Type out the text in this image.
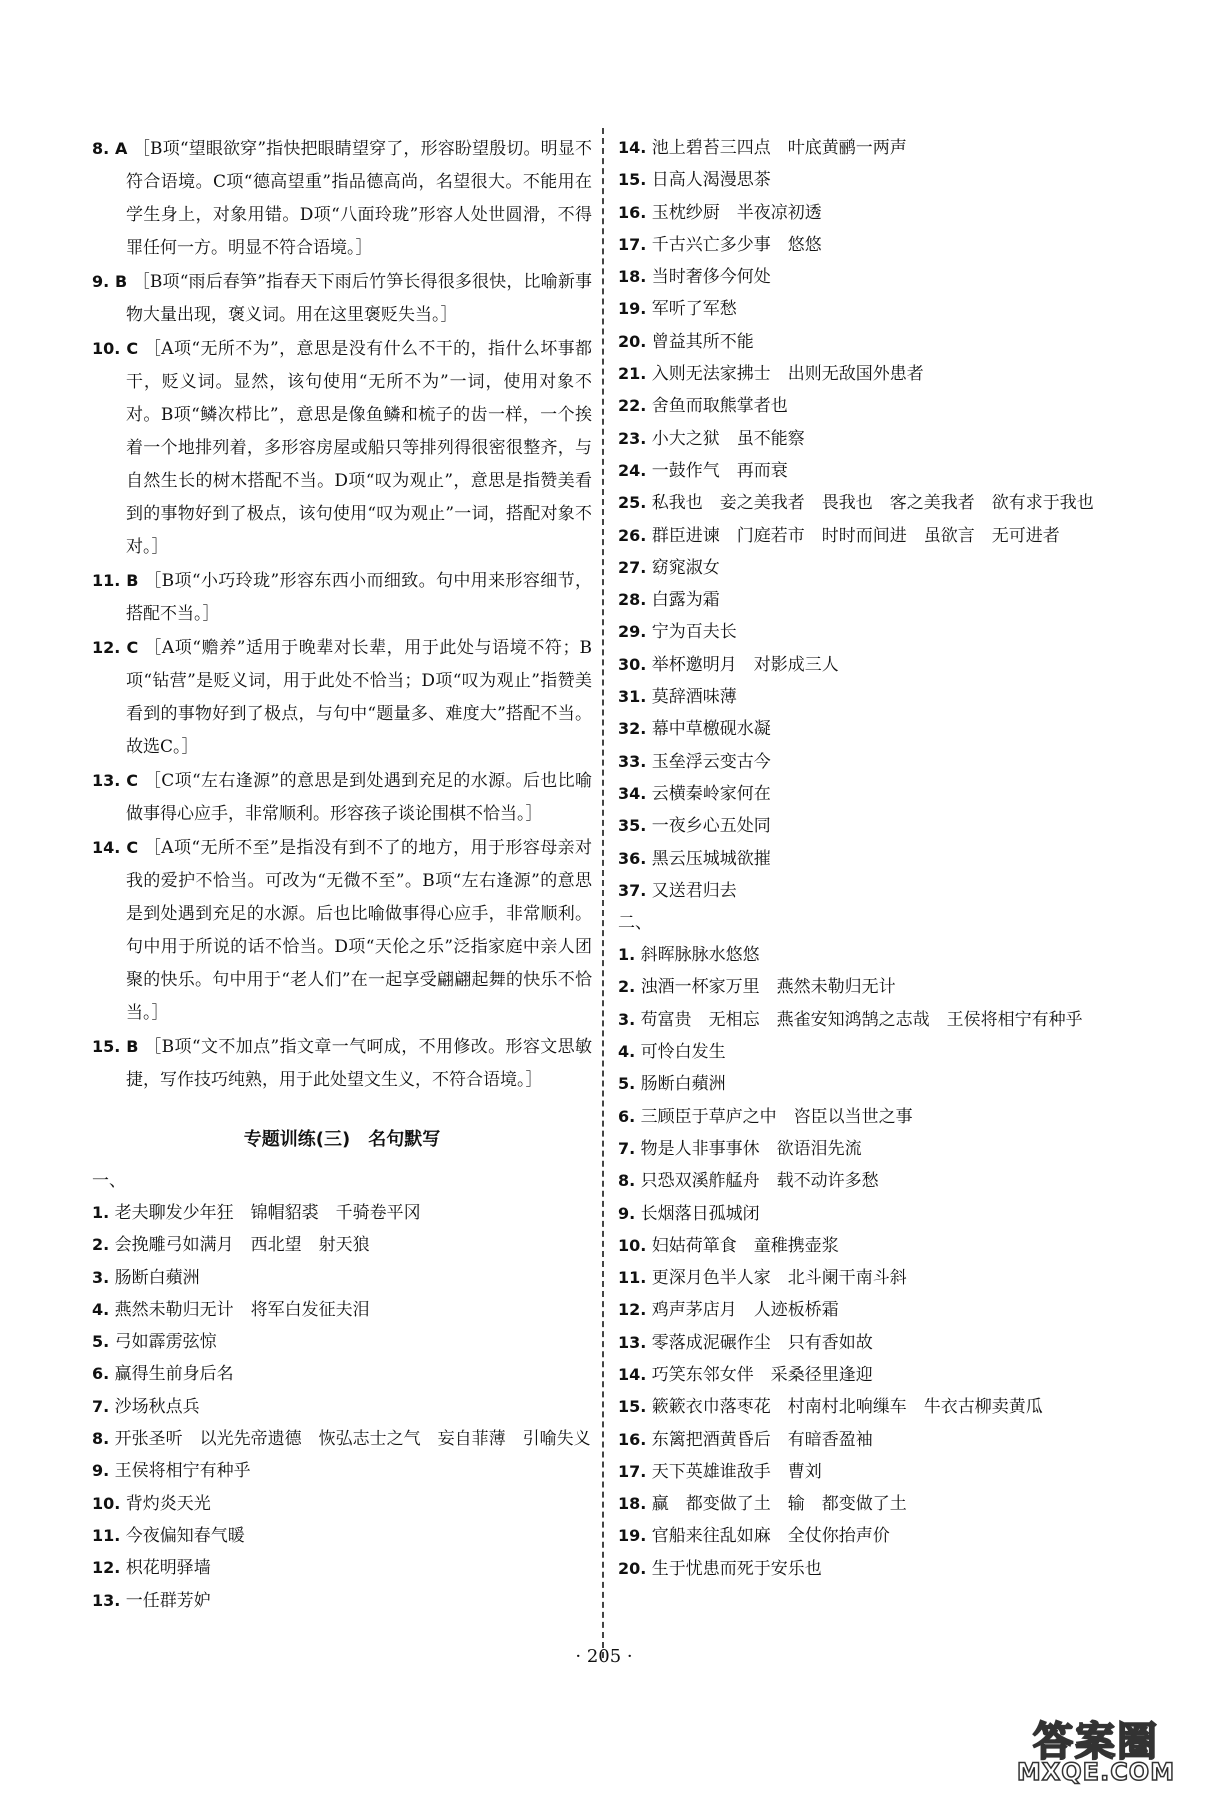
8. A ［B项“望眼欲穿”指快把眼睛望穿了，形容盼望殷切。明显不符合语境。C项“德高望重”指品德高尚，名望很大。不能用在学生身上，对象用错。D项“八面玲珑”形容人处世圆滑，不得罪任何一方。明显不符合语境。］

9. B ［B项“雨后春笋”指春天下雨后竹笋长得很多很快，比喻新事物大量出现，褒义词。用在这里褒贬失当。］

10. C ［A项“无所不为”，意思是没有什么不干的，指什么坏事都干，贬义词。显然，该句使用“无所不为”一词，使用对象不对。B项“鳞次栉比”，意思是像鱼鳞和梳子的齿一样，一个挨着一个地排列着，多形容房屋或船只等排列得很密很整齐，与自然生长的树木搭配不当。D项“叹为观止”，意思是指赞美看到的事物好到了极点，该句使用“叹为观止”一词，搭配对象不对。］

11. B ［B项“小巧玲珑”形容东西小而细致。句中用来形容细节，搭配不当。］

12. C ［A项“赡养”适用于晚辈对长辈，用于此处与语境不符；B项“钻营”是贬义词，用于此处不恰当；D项“叹为观止”指赞美看到的事物好到了极点，与句中“题量多、难度大”搭配不当。故选C。］

13. C ［C项“左右逢源”的意思是到处遇到充足的水源。后也比喻做事得心应手，非常顺利。形容孩子谈论围棋不恰当。］

14. C ［A项“无所不至”是指没有到不了的地方，用于形容母亲对我的爱护不恰当。可改为“无微不至”。B项“左右逢源”的意思是到处遇到充足的水源。后也比喻做事得心应手，非常顺利。句中用于所说的话不恰当。D项“天伦之乐”泛指家庭中亲人团聚的快乐。句中用于“老人们”在一起享受翩翩起舞的快乐不恰当。］

15. B ［B项“文不加点”指文章一气呵成，不用修改。形容文思敏捷，写作技巧纯熟，用于此处望文生义，不符合语境。］

专题训练(三)　名句默写
一、

1. 老夫聊发少年狂　锦帽貂裘　千骑卷平冈

2. 会挽雕弓如满月　西北望　射天狼

3. 肠断白蘋洲

4. 燕然未勒归无计　将军白发征夫泪

5. 弓如霹雳弦惊

6. 赢得生前身后名

7. 沙场秋点兵

8. 开张圣听　以光先帝遗德　恢弘志士之气　妄自菲薄　引喻失义

9. 王侯将相宁有种乎

10. 背灼炎天光

11. 今夜偏知春气暖

12. 枳花明驿墙

13. 一任群芳妒

14. 池上碧苔三四点　叶底黄鹂一两声

15. 日高人渴漫思茶

16. 玉枕纱厨　半夜凉初透

17. 千古兴亡多少事　悠悠

18. 当时奢侈今何处

19. 军听了军愁

20. 曾益其所不能

21. 入则无法家拂士　出则无敌国外患者

22. 舍鱼而取熊掌者也

23. 小大之狱　虽不能察

24. 一鼓作气　再而衰

25. 私我也　妾之美我者　畏我也　客之美我者　欲有求于我也

26. 群臣进谏　门庭若市　时时而间进　虽欲言　无可进者

27. 窈窕淑女

28. 白露为霜

29. 宁为百夫长

30. 举杯邀明月　对影成三人

31. 莫辞酒味薄

32. 幕中草檄砚水凝

33. 玉垒浮云变古今

34. 云横秦岭家何在

35. 一夜乡心五处同

36. 黑云压城城欲摧

37. 又送君归去

二、

1. 斜晖脉脉水悠悠

2. 浊酒一杯家万里　燕然未勒归无计

3. 苟富贵　无相忘　燕雀安知鸿鹄之志哉　王侯将相宁有种乎

4. 可怜白发生

5. 肠断白蘋洲

6. 三顾臣于草庐之中　咨臣以当世之事

7. 物是人非事事休　欲语泪先流

8. 只恐双溪舴艋舟　载不动许多愁

9. 长烟落日孤城闭

10. 妇姑荷箪食　童稚携壶浆

11. 更深月色半人家　北斗阑干南斗斜

12. 鸡声茅店月　人迹板桥霜

13. 零落成泥碾作尘　只有香如故

14. 巧笑东邻女伴　采桑径里逢迎

15. 簌簌衣巾落枣花　村南村北响缫车　牛衣古柳卖黄瓜

16. 东篱把酒黄昏后　有暗香盈袖

17. 天下英雄谁敌手　曹刘

18. 赢　都变做了土　输　都变做了土

19. 官船来往乱如麻　全仗你抬声价

20. 生于忧患而死于安乐也

· 205 ·
答案圈
MXQE.COM
